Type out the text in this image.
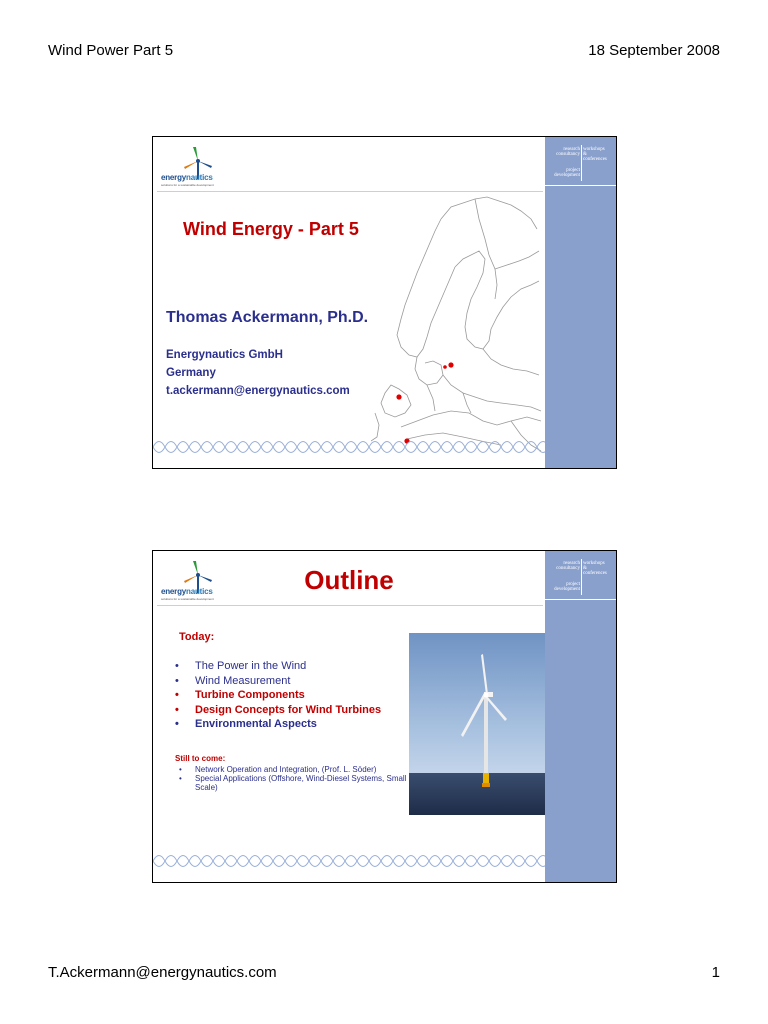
Wind Power Part 5	18 September 2008
energynautics
solutions for a sustainable development
Wind Energy - Part 5
Thomas Ackermann, Ph.D.
Energynautics GmbH
Germany
t.ackermann@energynautics.com
research
consultancy
workshops
&
conferences
project
development
energynautics
solutions for a sustainable development
Outline
Today:
• The Power in the Wind
• Wind Measurement
• Turbine Components
• Design Concepts for Wind Turbines
• Environmental Aspects
Still to come:
• Network Operation and Integration, (Prof. L. Söder)
• Special Applications (Offshore, Wind-Diesel Systems, Small Scale)
research
consultancy
workshops
&
conferences
project
development
T.Ackermann@energynautics.com	1
